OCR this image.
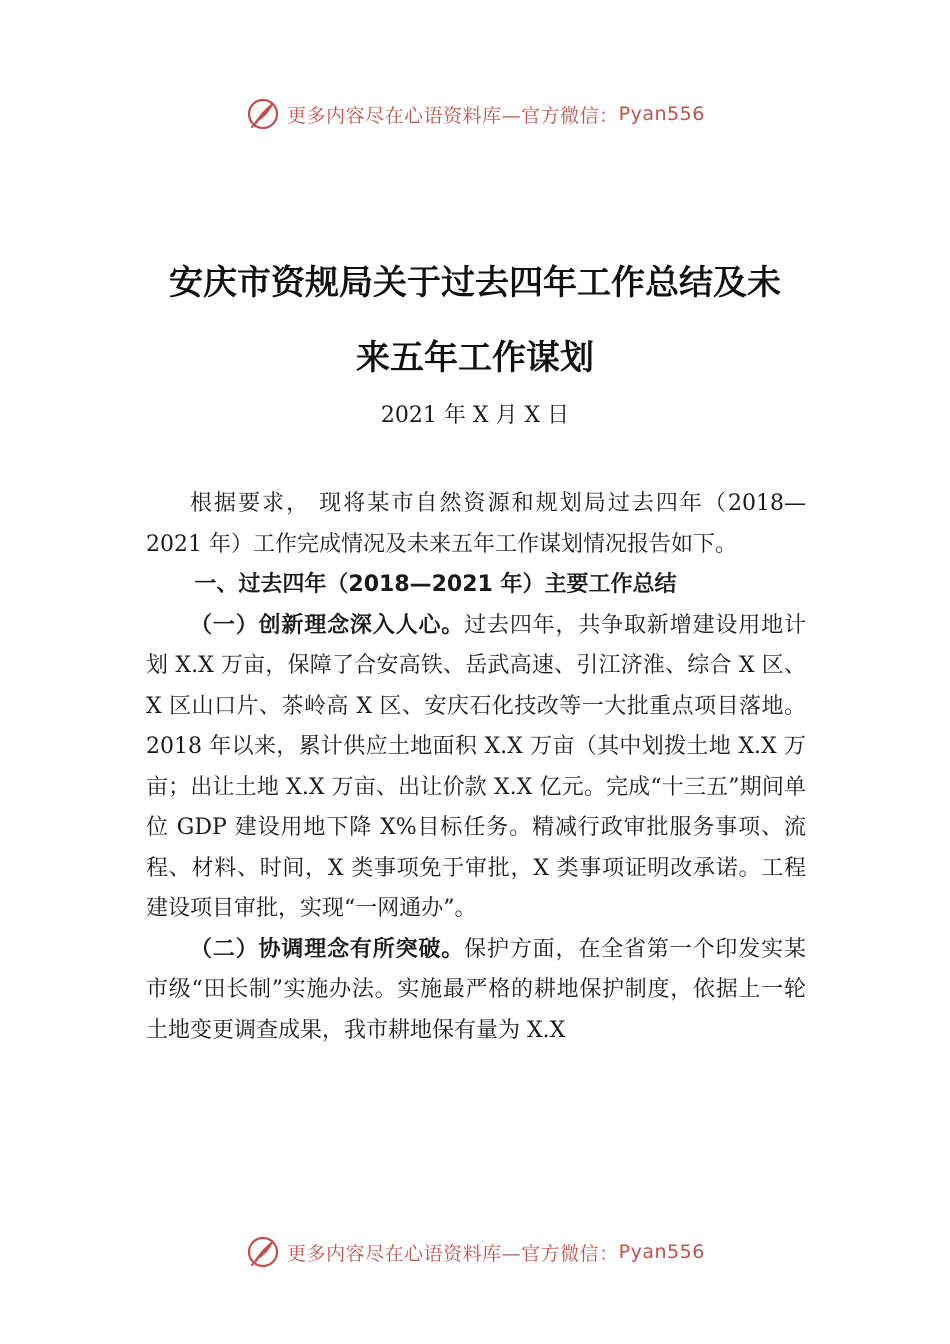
更多内容尽在心语资料库—官方微信： Pyan556
安庆市资规局关于过去四年工作总结及未
来五年工作谋划
2021 年 X 月 X 日

根据要求， 现将某市自然资源和规划局过去四年（2018—2021 年）工作完成情况及未来五年工作谋划情况报告如下。

一、过去四年（2018—2021 年）主要工作总结

（一）创新理念深入人心。过去四年，共争取新增建设用地计划 X.X 万亩，保障了合安高铁、岳武高速、引江济淮、综合 X 区、X 区山口片、茶岭高 X 区、安庆石化技改等一大批重点项目落地。2018 年以来，累计供应土地面积 X.X 万亩（其中划拨土地 X.X 万亩；出让土地 X.X 万亩、出让价款 X.X 亿元。完成“十三五”期间单位 GDP 建设用地下降 X%目标任务。精减行政审批服务事项、流程、材料、时间，X 类事项免于审批，X 类事项证明改承诺。工程建设项目审批，实现“一网通办”。

（二）协调理念有所突破。保护方面，在全省第一个印发实某市级“田长制”实施办法。实施最严格的耕地保护制度，依据上一轮土地变更调查成果，我市耕地保有量为 X.X

更多内容尽在心语资料库—官方微信： Pyan556
